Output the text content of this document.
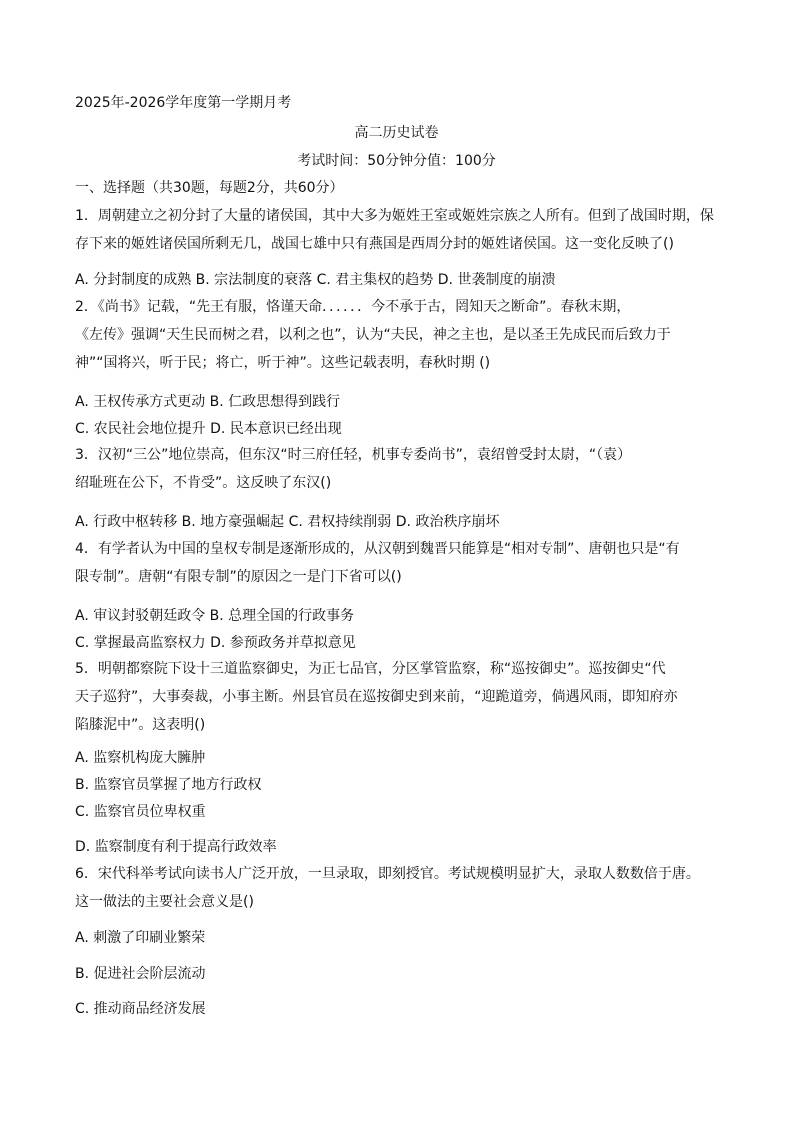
2025年-2026学年度第一学期月考
高二历史试卷
考试时间：50分钟分值：100分
一、选择题（共30题，每题2分，共60分）
1．周朝建立之初分封了大量的诸侯国，其中大多为姬姓王室或姬姓宗族之人所有。但到了战国时期，保
存下来的姬姓诸侯国所剩无几，战国七雄中只有燕国是西周分封的姬姓诸侯国。这一变化反映了()
A. 分封制度的成熟 B. 宗法制度的衰落 C. 君主集权的趋势 D. 世袭制度的崩溃
2．《尚书》记载，“先王有服，恪谨天命．．．．．．今不承于古，罔知天之断命”。春秋末期，
《左传》强调“天生民而树之君，以利之也”，认为“夫民，神之主也，是以圣王先成民而后致力于
神”“国将兴，听于民；将亡，听于神”。这些记载表明，春秋时期 ()
A. 王权传承方式更动 B. 仁政思想得到践行
C. 农民社会地位提升 D. 民本意识已经出现
3．汉初“三公”地位崇高，但东汉“时三府任轻，机事专委尚书”，袁绍曾受封太尉，“（袁）
绍耻班在公下，不肯受”。这反映了东汉()
A. 行政中枢转移 B. 地方豪强崛起 C. 君权持续削弱 D. 政治秩序崩坏
4．有学者认为中国的皇权专制是逐渐形成的，从汉朝到魏晋只能算是“相对专制”、唐朝也只是“有
限专制”。唐朝“有限专制”的原因之一是门下省可以()
A. 审议封驳朝廷政令 B. 总理全国的行政事务
C. 掌握最高监察权力 D. 参预政务并草拟意见
5．明朝都察院下设十三道监察御史，为正七品官，分区掌管监察，称“巡按御史”。巡按御史“代
天子巡狩”，大事奏裁，小事主断。州县官员在巡按御史到来前，“迎跪道旁，倘遇风雨，即知府亦
陷膝泥中”。这表明()
A. 监察机构庞大臃肿
B. 监察官员掌握了地方行政权
C. 监察官员位卑权重
D. 监察制度有利于提高行政效率
6．宋代科举考试向读书人广泛开放，一旦录取，即刻授官。考试规模明显扩大，录取人数数倍于唐。
这一做法的主要社会意义是()
A. 刺激了印刷业繁荣
B. 促进社会阶层流动
C. 推动商品经济发展
